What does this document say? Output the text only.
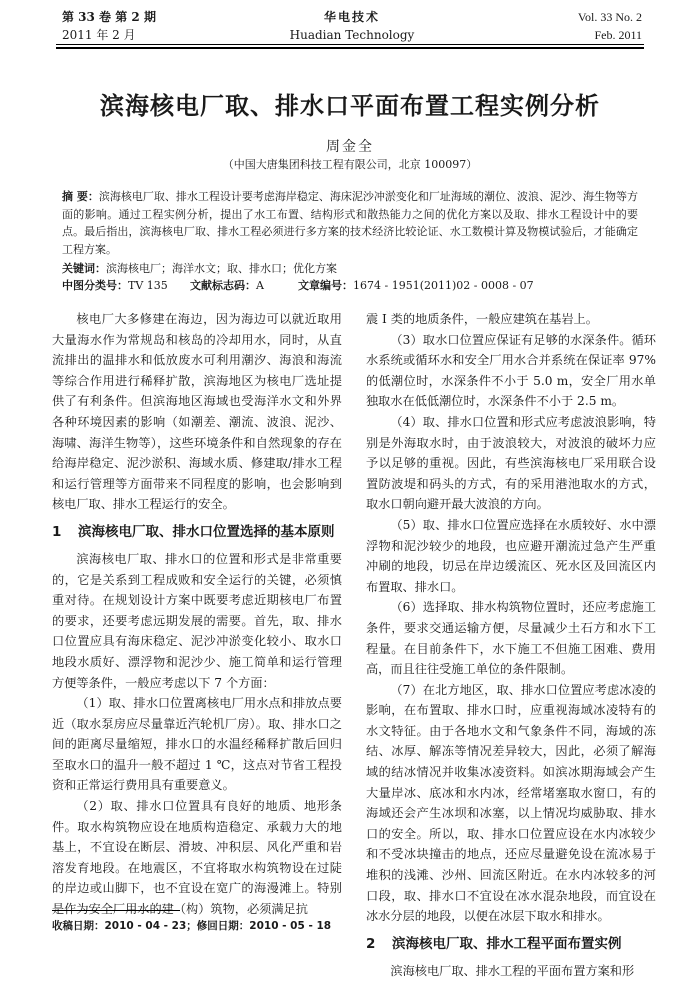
第 33 卷 第 2 期
2011 年 2 月
华电技术
Huadian Technology
Vol. 33 No. 2
Feb. 2011
滨海核电厂取、排水口平面布置工程实例分析
周金全
（中国大唐集团科技工程有限公司，北京 100097）
摘 要：滨海核电厂取、排水工程设计要考虑海岸稳定、海床泥沙冲淤变化和厂址海域的潮位、波浪、泥沙、海生物等方面的影响。通过工程实例分析，提出了水工布置、结构形式和散热能力之间的优化方案以及取、排水工程设计中的要点。最后指出，滨海核电厂取、排水工程必须进行多方案的技术经济比较论证、水工数模计算及物模试验后，才能确定工程方案。
关键词：滨海核电厂；海洋水文；取、排水口；优化方案
中图分类号：TV 135 文献标志码：A	文章编号：1674 - 1951(2011)02 - 0008 - 07

核电厂大多修建在海边，因为海边可以就近取用大量海水作为常规岛和核岛的冷却用水，同时，从直流排出的温排水和低放废水可利用潮汐、海浪和海流等综合作用进行稀释扩散，滨海地区为核电厂选址提供了有利条件。但滨海地区海域也受海洋水文和外界各种环境因素的影响（如潮差、潮流、波浪、泥沙、海啸、海洋生物等），这些环境条件和自然现象的存在给海岸稳定、泥沙淤积、海域水质、修建取/排水工程和运行管理等方面带来不同程度的影响，也会影响到核电厂取、排水工程运行的安全。

1 滨海核电厂取、排水口位置选择的基本原则

滨海核电厂取、排水口的位置和形式是非常重要的，它是关系到工程成败和安全运行的关键，必须慎重对待。在规划设计方案中既要考虑近期核电厂布置的要求，还要考虑远期发展的需要。首先，取、排水口位置应具有海床稳定、泥沙冲淤变化较小、取水口地段水质好、漂浮物和泥沙少、施工简单和运行管理方便等条件，一般应考虑以下 7 个方面：

（1）取、排水口位置离核电厂用水点和排放点要近（取水泵房应尽量靠近汽轮机厂房）。取、排水口之间的距离尽量缩短，排水口的水温经稀释扩散后回归至取水口的温升一般不超过 1 ℃，这点对节省工程投资和正常运行费用具有重要意义。

（2）取、排水口位置具有良好的地质、地形条件。取水构筑物应设在地质构造稳定、承载力大的地基上，不宜设在断层、滑坡、冲积层、风化严重和岩溶发育地段。在地震区，不宜将取水构筑物设在过陡的岸边或山脚下，也不宜设在宽广的海漫滩上。特别是作为安全厂用水的建（构）筑物，必须满足抗

震 Ⅰ 类的地质条件，一般应建筑在基岩上。

（3）取水口位置应保证有足够的水深条件。循环水系统或循环水和安全厂用水合并系统在保证率 97% 的低潮位时，水深条件不小于 5.0 m，安全厂用水单独取水在低低潮位时，水深条件不小于 2.5 m。

（4）取、排水口位置和形式应考虑波浪影响，特别是外海取水时，由于波浪较大，对波浪的破坏力应予以足够的重视。因此，有些滨海核电厂采用联合设置防波堤和码头的方式，有的采用港池取水的方式，取水口朝向避开最大波浪的方向。

（5）取、排水口位置应选择在水质较好、水中漂浮物和泥沙较少的地段，也应避开潮流过急产生严重冲刷的地段，切忌在岸边缓流区、死水区及回流区内布置取、排水口。

（6）选择取、排水构筑物位置时，还应考虑施工条件，要求交通运输方便，尽量减少土石方和水下工程量。在目前条件下，水下施工不但施工困难、费用高，而且往往受施工单位的条件限制。

（7）在北方地区，取、排水口位置应考虑冰凌的影响，在布置取、排水口时，应重视海域冰凌特有的水文特征。由于各地水文和气象条件不同，海域的冻结、冰厚、解冻等情况差异较大，因此，必须了解海域的结冰情况并收集冰凌资料。如滨冰期海域会产生大量岸冰、底冰和水内冰，经常堵塞取水窗口，有的海域还会产生冰坝和冰塞，以上情况均威胁取、排水口的安全。所以，取、排水口位置应设在水内冰较少和不受冰块撞击的地点，还应尽量避免设在流冰易于堆积的浅滩、沙州、回流区附近。在水内冰较多的河口段，取、排水口不宜设在冰水混杂地段，而宜设在冰水分层的地段，以便在冰层下取水和排水。

2 滨海核电厂取、排水工程平面布置实例

滨海核电厂取、排水工程的平面布置方案和形

收稿日期：2010 - 04 - 23；修回日期：2010 - 05 - 18
